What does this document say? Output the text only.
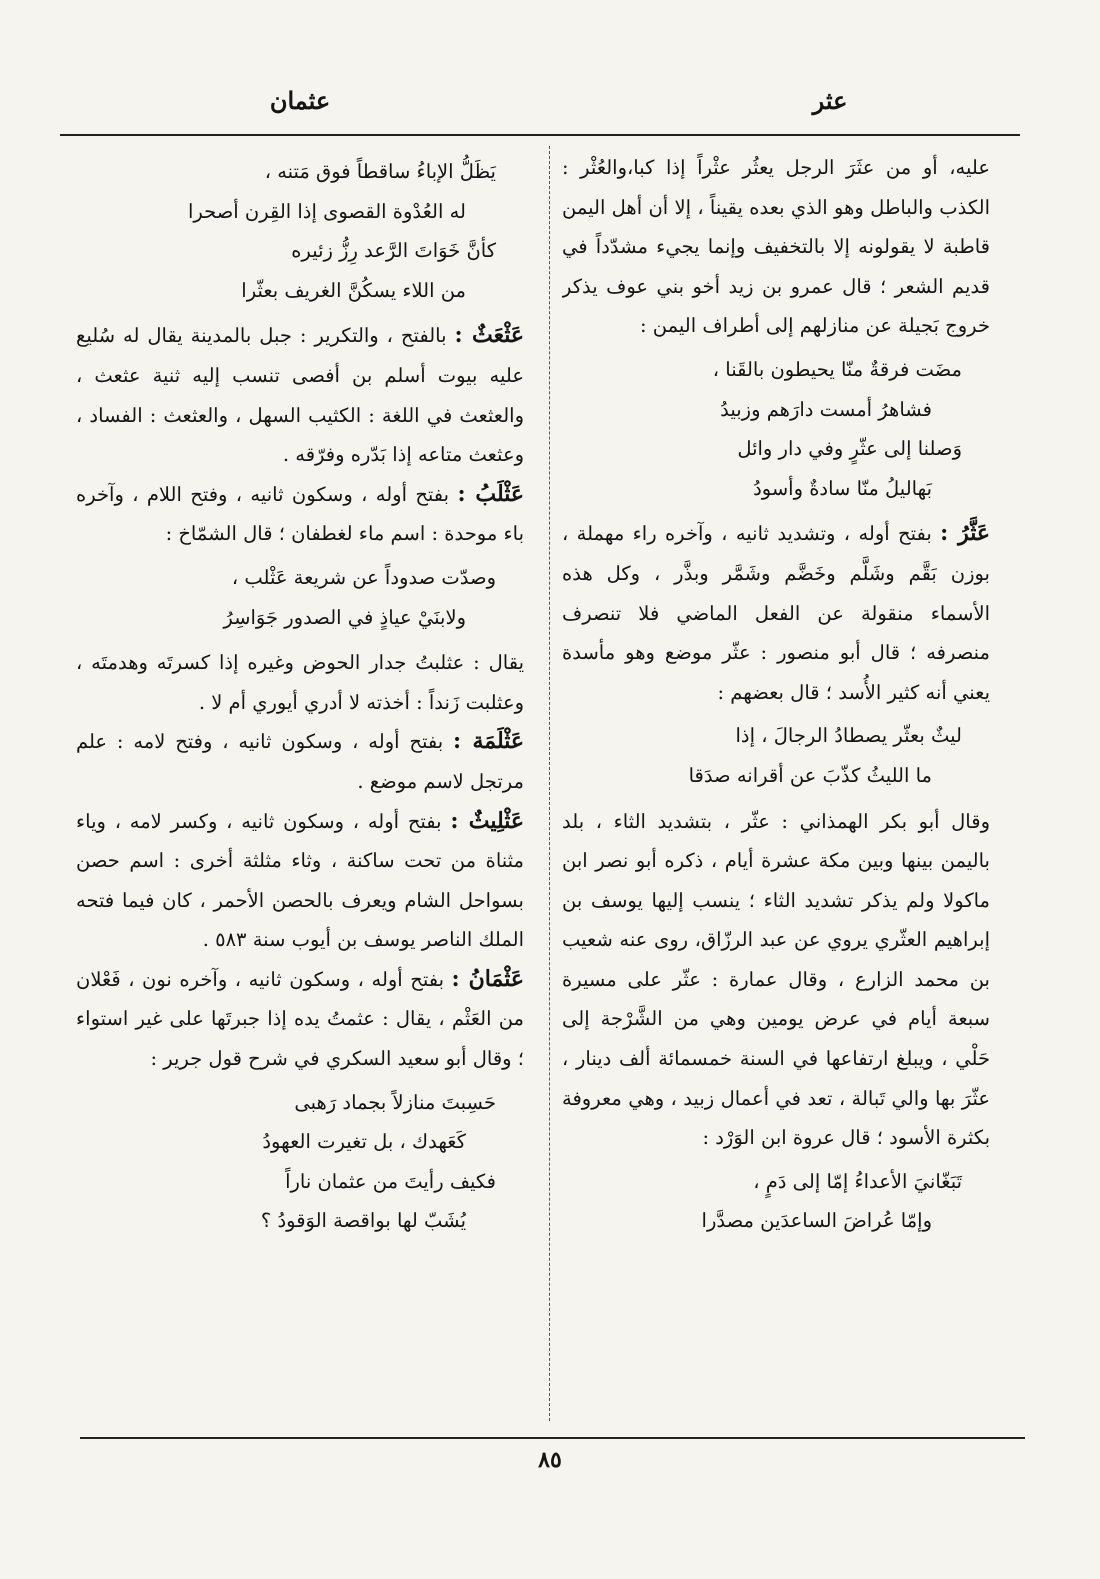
عثر
عثمان

عليه، أو من عثَرَ الرجل يعثُر عثْراً إذا كبا،والعُثْر : الكذب والباطل وهو الذي بعده يقيناً ، إلا أن أهل اليمن قاطبة لا يقولونه إلا بالتخفيف وإنما يجيء مشدّداً في قديم الشعر ؛ قال عمرو بن زيد أخو بني عوف يذكر خروج بَجيلة عن منازلهم إلى أطراف اليمن :

مضَت فرقةٌ منّا يحيطون بالقَنا ،

فشاهرُ أمست دارَهم وزبيدُ

وَصلنا إلى عثّرٍ وفي دار وائل

بَهاليلُ منّا سادةٌ وأسودُ

عَثَّرُ : بفتح أوله ، وتشديد ثانيه ، وآخره راء مهملة ، بوزن بَقَّم وشَلَّم وخَضَّم وشَمَّر وبذَّر ، وكل هذه الأسماء منقولة عن الفعل الماضي فلا تنصرف منصرفه ؛ قال أبو منصور : عثّر موضع وهو مأسدة يعني أنه كثير الأُسد ؛ قال بعضهم :

ليثٌ بعثّر يصطادُ الرجالَ ، إذا

ما الليثُ كذّبَ عن أقرانه صدَقا

وقال أبو بكر الهمذاني : عثّر ، بتشديد الثاء ، بلد باليمن بينها وبين مكة عشرة أيام ، ذكره أبو نصر ابن ماكولا ولم يذكر تشديد الثاء ؛ ينسب إليها يوسف بن إبراهيم العثّري يروي عن عبد الرزّاق، روى عنه شعيب بن محمد الزارع ، وقال عمارة : عثّر على مسيرة سبعة أيام في عرض يومين وهي من الشَّرْجة إلى حَلْي ، ويبلغ ارتفاعها في السنة خمسمائة ألف دينار ، عثّرَ بها والي تَبالة ، تعد في أعمال زبيد ، وهي معروفة بكثرة الأسود ؛ قال عروة ابن الوَرْد :

تَبَغّانيَ الأعداءُ إمّا إلى دَمٍ ،

وإمّا عُراضَ الساعدَين مصدَّرا

يَظَلُّ الإباءُ ساقطاً فوق مَتنه ،

له العُدْوة القصوى إذا القِرن أصحرا

كأنَّ خَوَاتَ الرَّعد رِزُّ زئيره

من اللاء يسكُنَّ الغريف بعثّرا

عَثْعَثٌ : بالفتح ، والتكرير : جبل بالمدينة يقال له سُليع عليه بيوت أسلم بن أفصى تنسب إليه ثنية عثعث ، والعثعث في اللغة : الكثيب السهل ، والعثعث : الفساد ، وعثعث متاعه إذا بَدّره وفرّقه .

عَثْلَبُ : بفتح أوله ، وسكون ثانيه ، وفتح اللام ، وآخره باء موحدة : اسم ماء لغطفان ؛ قال الشمّاخ :

وصدّت صدوداً عن شريعة عَثْلب ،

ولابنَيْ عياذٍ في الصدور جَوَاسِرُ

يقال : عثلبتُ جدار الحوض وغيره إذا كسرتَه وهدمتَه ، وعثلبت زَنداً : أخذته لا أدري أيوري أم لا .

عَثْلَمَة : بفتح أوله ، وسكون ثانيه ، وفتح لامه : علم مرتجل لاسم موضع .

عَثْلِيثٌ : بفتح أوله ، وسكون ثانيه ، وكسر لامه ، وياء مثناة من تحت ساكنة ، وثاء مثلثة أخرى : اسم حصن بسواحل الشام ويعرف بالحصن الأحمر ، كان فيما فتحه الملك الناصر يوسف بن أيوب سنة ٥٨٣ .

عَثْمَانُ : بفتح أوله ، وسكون ثانيه ، وآخره نون ، فَعْلان من العَثْم ، يقال : عثمتُ يده إذا جبرتَها على غير استواء ؛ وقال أبو سعيد السكري في شرح قول جرير :

حَسِبتَ منازلاً بجماد رَهبى

كَعَهدك ، بل تغيرت العهودُ

فكيف رأيتَ من عثمان ناراً

يُشَبّ لها بواقصة الوَقودُ ؟

٨٥
